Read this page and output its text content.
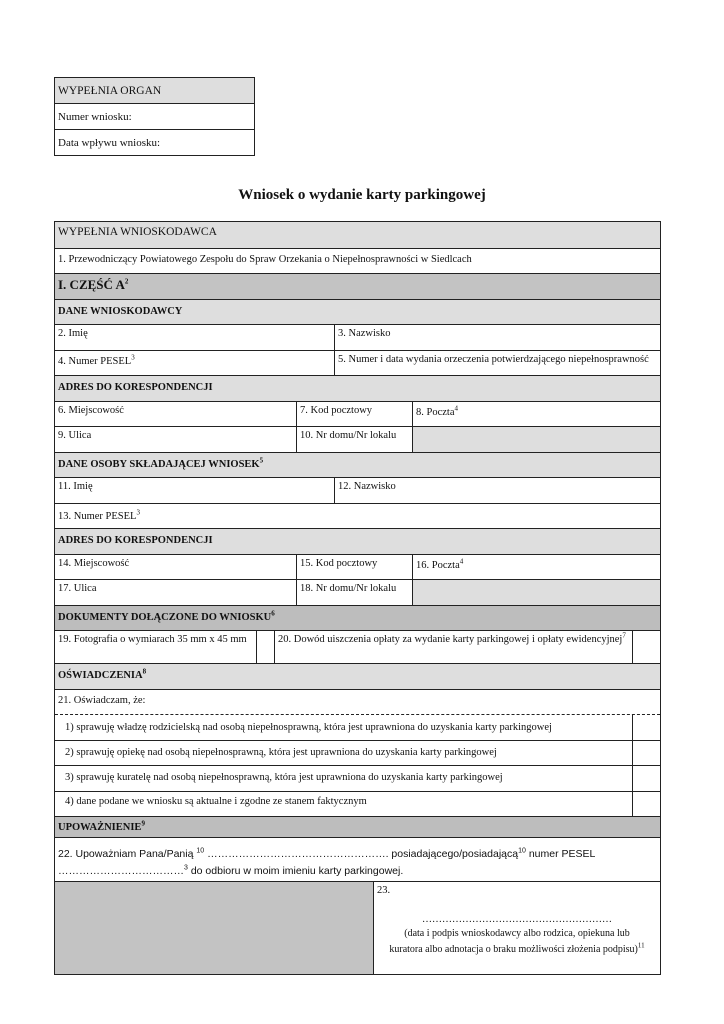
WYPEŁNIA ORGAN
Numer wniosku:
Data wpływu wniosku:
Wniosek o wydanie karty parkingowej
WYPEŁNIA WNIOSKODAWCA
1. Przewodniczący Powiatowego Zespołu do Spraw Orzekania o Niepełnosprawności w Siedlcach
I. CZĘŚĆ $A^2$
DANE WNIOSKODAWCY
2. Imię	3. Nazwisko
4. Numer PESEL$^3$	5. Numer i data wydania orzeczenia potwierdzającego niepełnosprawność
ADRES DO KORESPONDENCJI
6. Miejscowość	7. Kod pocztowy	8. Poczta$^4$
9. Ulica	10. Nr domu/Nr lokalu
DANE OSOBY SKŁADAJĄCEJ WNIOSEK$^5$
11. Imię	12. Nazwisko
13. Numer PESEL$^3$
ADRES DO KORESPONDENCJI
14. Miejscowość	15. Kod pocztowy	16. Poczta$^4$
17. Ulica	18. Nr domu/Nr lokalu
DOKUMENTY DOŁĄCZONE DO WNIOSKU$^6$
19. Fotografia o wymiarach 35 mm x 45 mm	20. Dowód uiszczenia opłaty za wydanie karty parkingowej i opłaty ewidencyjnej$^7$
OŚWIADCZENIA$^8$
21. Oświadczam, że:
1) sprawuję władzę rodzicielską nad osobą niepełnosprawną, która jest uprawniona do uzyskania karty parkingowej
2) sprawuję opiekę nad osobą niepełnosprawną, która jest uprawniona do uzyskania karty parkingowej
3) sprawuję kuratelę nad osobą niepełnosprawną, która jest uprawniona do uzyskania karty parkingowej
4) dane podane we wniosku są aktualne i zgodne ze stanem faktycznym
UPOWAŻNIENIE$^9$
22. Upoważniam Pana/Panią $^{10}$ ……………………………………………. posiadającego/posiadającą$^{10}$ numer PESEL
………………………………$^3$ do odbioru w moim imieniu karty parkingowej.
23.
…………………………………………………
(data i podpis wnioskodawcy albo rodzica, opiekuna lub
kuratora albo adnotacja o braku możliwości złożenia podpisu)$^{11}$
